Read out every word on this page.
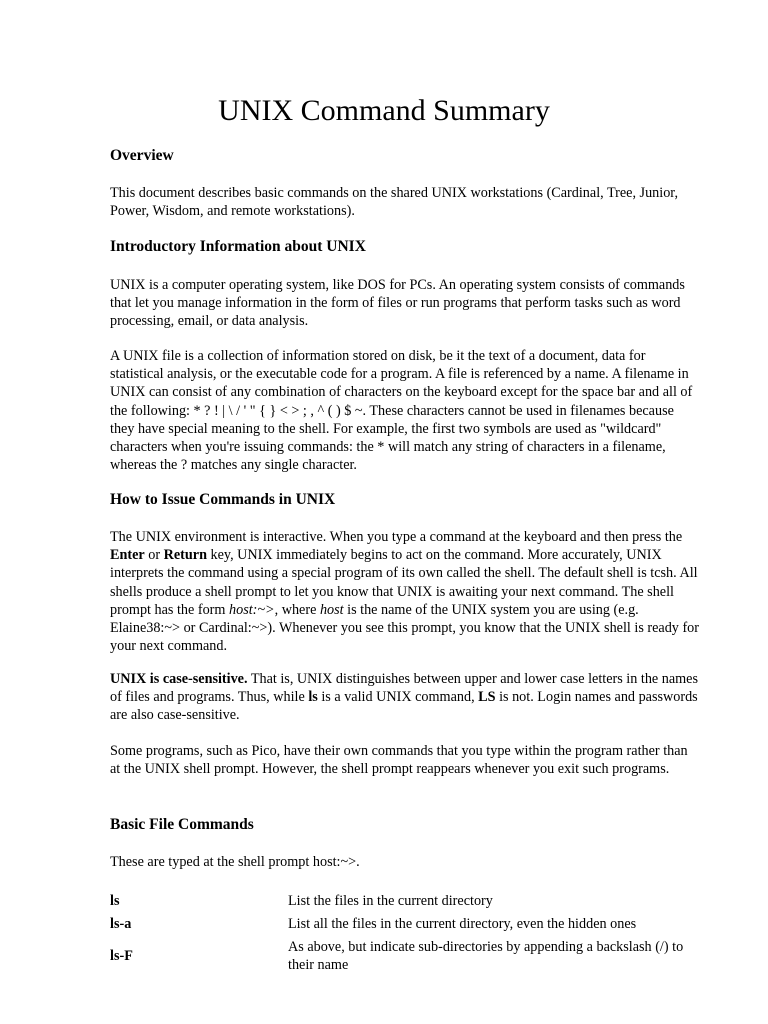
UNIX Command Summary
Overview

This document describes basic commands on the shared UNIX workstations (Cardinal, Tree, Junior, Power, Wisdom, and remote workstations).

Introductory Information about UNIX

UNIX is a computer operating system, like DOS for PCs. An operating system consists of commands that let you manage information in the form of files or run programs that perform tasks such as word processing, email, or data analysis.

A UNIX file is a collection of information stored on disk, be it the text of a document, data for statistical analysis, or the executable code for a program. A file is referenced by a name. A filename in UNIX can consist of any combination of characters on the keyboard except for the space bar and all of the following: * ? ! | \ / ' " { } < > ; , ^ ( ) $ ~. These characters cannot be used in filenames because they have special meaning to the shell. For example, the first two symbols are used as "wildcard" characters when you're issuing commands: the * will match any string of characters in a filename, whereas the ? matches any single character.

How to Issue Commands in UNIX

The UNIX environment is interactive. When you type a command at the keyboard and then press the Enter or Return key, UNIX immediately begins to act on the command. More accurately, UNIX interprets the command using a special program of its own called the shell. The default shell is tcsh. All shells produce a shell prompt to let you know that UNIX is awaiting your next command. The shell prompt has the form host:~>, where host is the name of the UNIX system you are using (e.g. Elaine38:~> or Cardinal:~>). Whenever you see this prompt, you know that the UNIX shell is ready for your next command.

UNIX is case-sensitive. That is, UNIX distinguishes between upper and lower case letters in the names of files and programs. Thus, while ls is a valid UNIX command, LS is not. Login names and passwords are also case-sensitive.

Some programs, such as Pico, have their own commands that you type within the program rather than at the UNIX shell prompt. However, the shell prompt reappears whenever you exit such programs.

Basic File Commands

These are typed at the shell prompt host:~>.

ls	List the files in the current directory
ls-a	List all the files in the current directory, even the hidden ones
ls-F
As above, but indicate sub-directories by appending a backslash (/) to their name
